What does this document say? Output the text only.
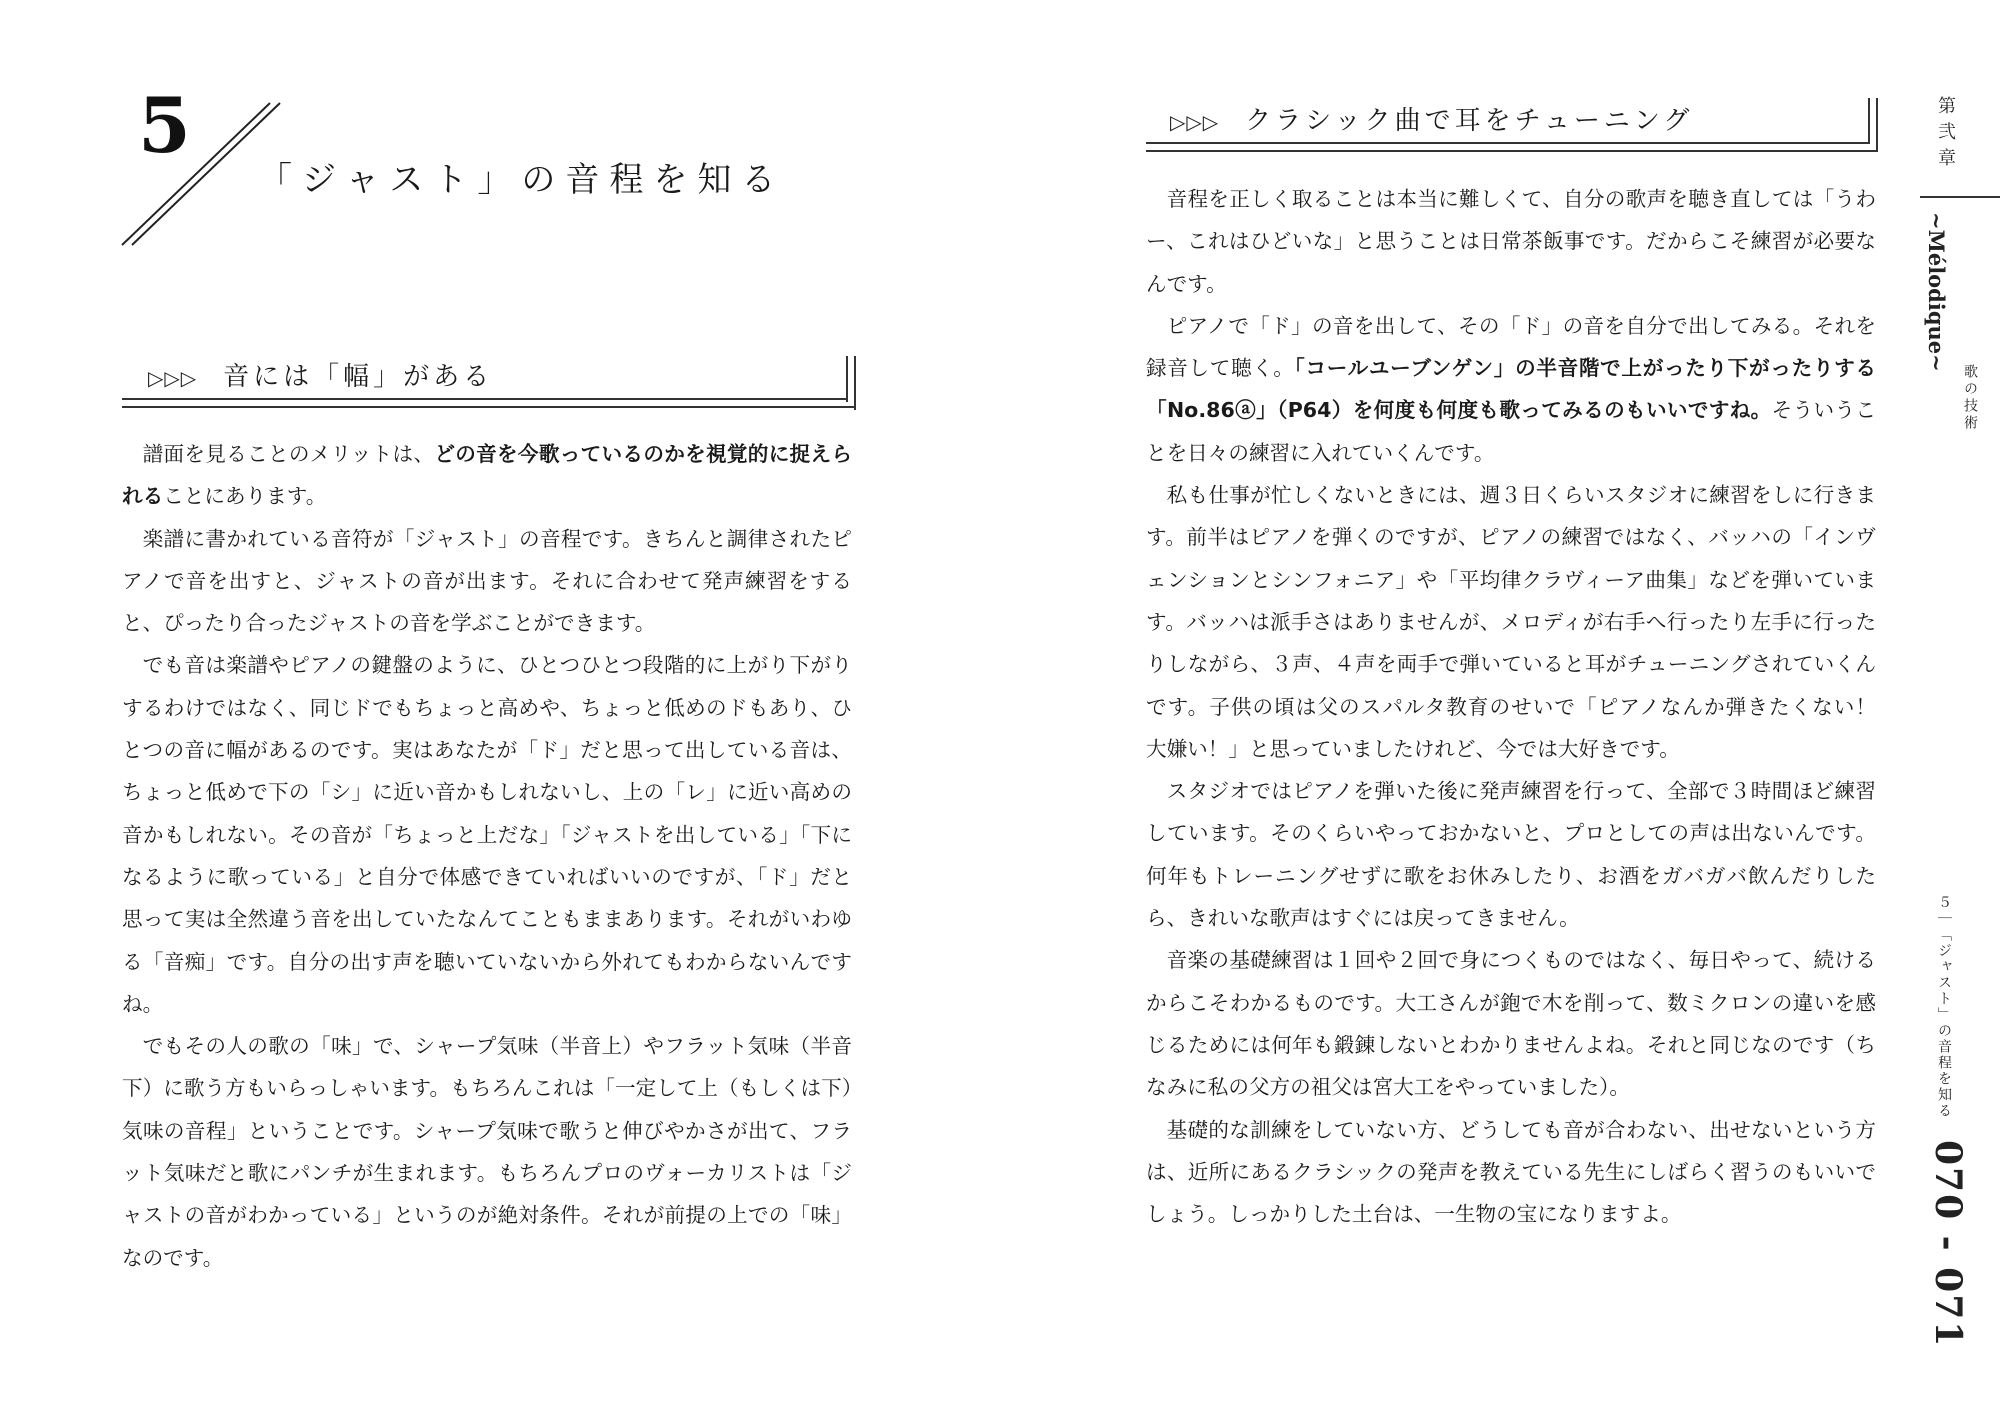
5
「ジャスト」の音程を知る
▷▷▷ 音には「幅」がある

譜面を見ることのメリットは、どの音を今歌っているのかを視覚的に捉えられることにあります。

楽譜に書かれている音符が「ジャスト」の音程です。きちんと調律されたピアノで音を出すと、ジャストの音が出ます。それに合わせて発声練習をすると、ぴったり合ったジャストの音を学ぶことができます。

でも音は楽譜やピアノの鍵盤のように、ひとつひとつ段階的に上がり下がりするわけではなく、同じドでもちょっと高めや、ちょっと低めのドもあり、ひとつの音に幅があるのです。実はあなたが「ド」だと思って出している音は、ちょっと低めで下の「シ」に近い音かもしれないし、上の「レ」に近い高めの音かもしれない。その音が「ちょっと上だな」「ジャストを出している」「下になるように歌っている」と自分で体感できていればいいのですが、「ド」だと思って実は全然違う音を出していたなんてこともままあります。それがいわゆる「音痴」です。自分の出す声を聴いていないから外れてもわからないんですね。

でもその人の歌の「味」で、シャープ気味（半音上）やフラット気味（半音下）に歌う方もいらっしゃいます。もちろんこれは「一定して上（もしくは下）気味の音程」ということです。シャープ気味で歌うと伸びやかさが出て、フラット気味だと歌にパンチが生まれます。もちろんプロのヴォーカリストは「ジャストの音がわかっている」というのが絶対条件。それが前提の上での「味」なのです。

▷▷▷ クラシック曲で耳をチューニング

音程を正しく取ることは本当に難しくて、自分の歌声を聴き直しては「うわー、これはひどいな」と思うことは日常茶飯事です。だからこそ練習が必要なんです。

ピアノで「ド」の音を出して、その「ド」の音を自分で出してみる。それを録音して聴く。「コールユーブンゲン」の半音階で上がったり下がったりする「No.86ⓐ」（P64）を何度も何度も歌ってみるのもいいですね。そういうことを日々の練習に入れていくんです。

私も仕事が忙しくないときには、週３日くらいスタジオに練習をしに行きます。前半はピアノを弾くのですが、ピアノの練習ではなく、バッハの「インヴェンションとシンフォニア」や「平均律クラヴィーア曲集」などを弾いています。バッハは派手さはありませんが、メロディが右手へ行ったり左手に行ったりしながら、３声、４声を両手で弾いていると耳がチューニングされていくんです。子供の頃は父のスパルタ教育のせいで「ピアノなんか弾きたくない！　大嫌い！」と思っていましたけれど、今では大好きです。

スタジオではピアノを弾いた後に発声練習を行って、全部で３時間ほど練習しています。そのくらいやっておかないと、プロとしての声は出ないんです。何年もトレーニングせずに歌をお休みしたり、お酒をガバガバ飲んだりしたら、きれいな歌声はすぐには戻ってきません。

音楽の基礎練習は１回や２回で身につくものではなく、毎日やって、続けるからこそわかるものです。大工さんが鉋で木を削って、数ミクロンの違いを感じるためには何年も鍛錬しないとわかりませんよね。それと同じなのです（ちなみに私の父方の祖父は宮大工をやっていました）。

基礎的な訓練をしていない方、どうしても音が合わない、出せないという方は、近所にあるクラシックの発声を教えている先生にしばらく習うのもいいでしょう。しっかりした土台は、一生物の宝になりますよ。

第弐章
~Mélodique~
歌の技術
５｜「ジャスト」の音程を知る
070 - 071
